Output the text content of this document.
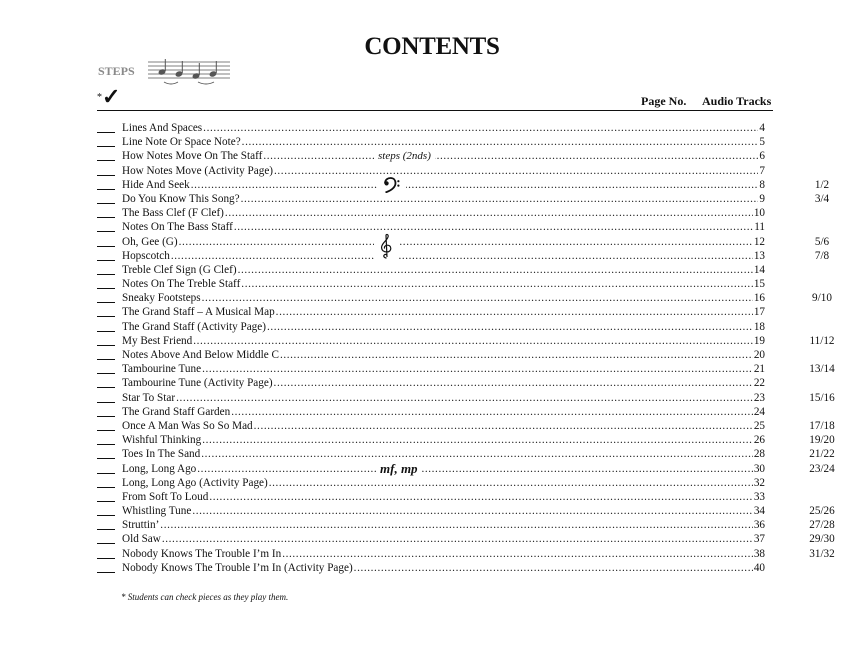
CONTENTS
STEPS
*✓	Page No. Audio Tracks
Lines And Spaces .....	4
Line Note Or Space Note? .....	5
How Notes Move On The Staff .....	6
How Notes Move (Activity Page) .....	7
Hide And Seek .....	8	1/2
Do You Know This Song? .....	9	3/4
The Bass Clef (F Clef) .....	10
Notes On The Bass Staff .....	11
Oh, Gee (G) .....	12	5/6
Hopscotch .....	13	7/8
Treble Clef Sign (G Clef) .....	14
Notes On The Treble Staff .....	15
Sneaky Footsteps .....	16	9/10
The Grand Staff – A Musical Map .....	17
The Grand Staff (Activity Page) .....	18
My Best Friend .....	19	11/12
Notes Above And Below Middle C .....	20
Tambourine Tune .....	21	13/14
Tambourine Tune (Activity Page) .....	22
Star To Star .....	23	15/16
The Grand Staff Garden .....	24
Once A Man Was So So Mad .....	25	17/18
Wishful Thinking .....	26	19/20
Toes In The Sand .....	28	21/22
Long, Long Ago .....	30	23/24
Long, Long Ago (Activity Page) .....	32
From Soft To Loud .....	33
Whistling Tune .....	34	25/26
Struttin’ .....	36	27/28
Old Saw .....	37	29/30
Nobody Knows The Trouble I’m In .....	38	31/32
Nobody Knows The Trouble I’m In (Activity Page) .....	40
steps (2nds)
mf, mp
* Students can check pieces as they play them.
